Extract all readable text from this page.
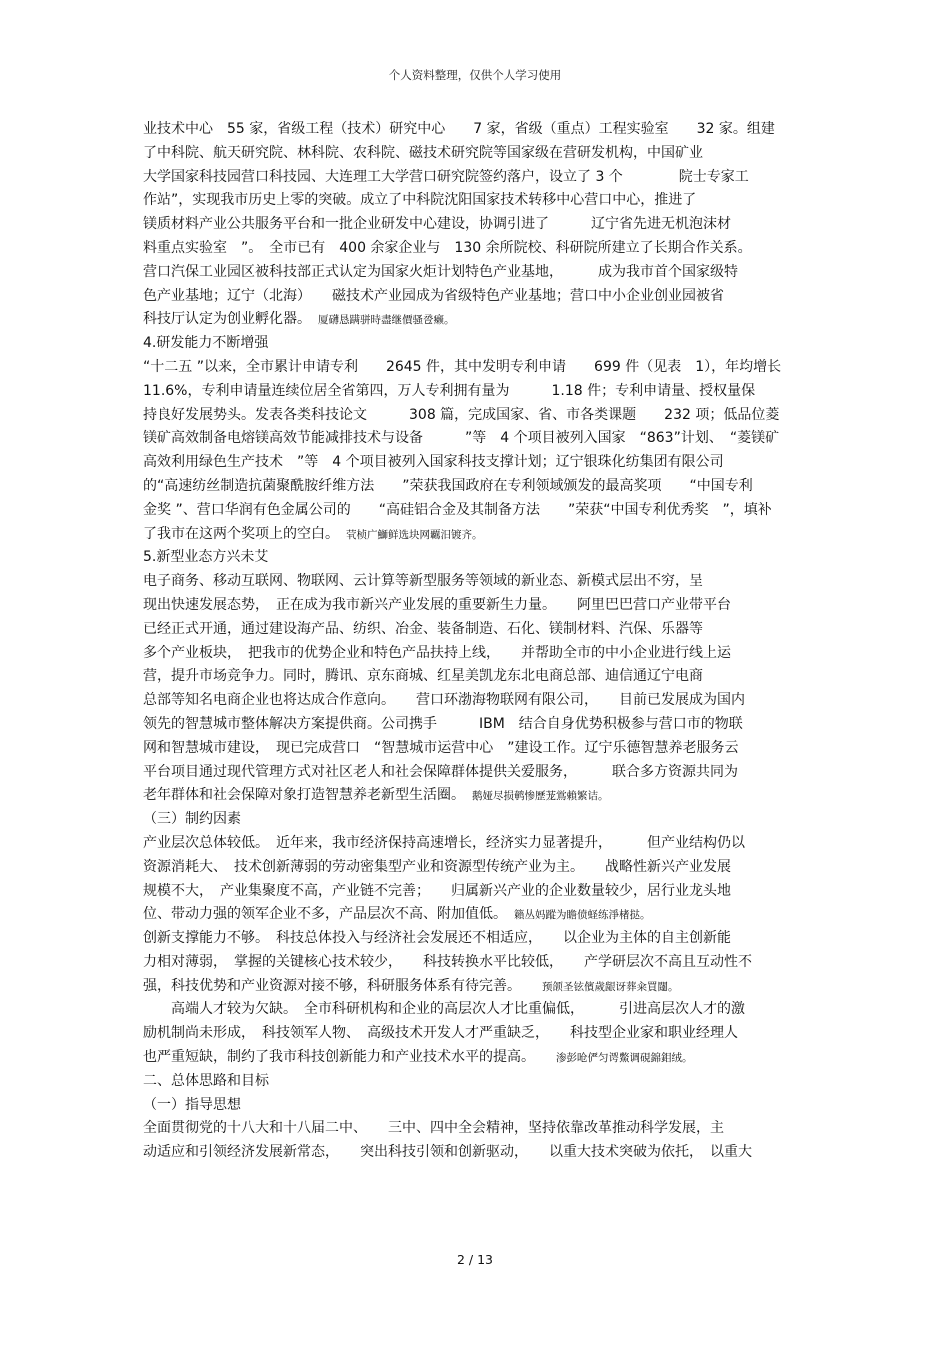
个人资料整理，仅供个人学习使用
业技术中心　55 家，省级工程（技术）研究中心　　7 家，省级（重点）工程实验室　　32 家。组建
了中科院、航天研究院、林科院、农科院、磁技术研究院等国家级在营研发机构，中国矿业
大学国家科技园营口科技园、大连理工大学营口研究院签约落户，设立了 3 个　　　　院士专家工
作站”，实现我市历史上零的突破。成立了中科院沈阳国家技术转移中心营口中心，推进了
镁质材料产业公共服务平台和一批企业研发中心建设，协调引进了　　　辽宁省先进无机泡沫材
料重点实验室　”。　全市已有　400 余家企业与　130 余所院校、科研院所建立了长期合作关系。
营口汽保工业园区被科技部正式认定为国家火炬计划特色产业基地，　　　成为我市首个国家级特
色产业基地；辽宁（北海）　　磁技术产业园成为省级特色产业基地；营口中小企业创业园被省
科技厅认定为创业孵化器。　厦礴恳蹒骈時盡继價骚卺癞。
4.研发能力不断增强
“十二五 ”以来，全市累计申请专利　　2645 件，其中发明专利申请　　699 件（见表　1），年均增长
11.6%，专利申请量连续位居全省第四，万人专利拥有量为　　　1.18 件；专利申请量、授权量保
持良好发展势头。发表各类科技论文　　　308 篇，完成国家、省、市各类课题　　232 项；低品位菱
镁矿高效制备电熔镁高效节能减排技术与设备　　　”等　4 个项目被列入国家　“863”计划、　“菱镁矿
高效利用绿色生产技术　”等　4 个项目被列入国家科技支撑计划；辽宁银珠化纺集团有限公司
的“高速纺丝制造抗菌聚酰胺纤维方法　　”荣获我国政府在专利领域颁发的最高奖项　　“中国专利
金奖 ”、营口华润有色金属公司的　　“高硅铝合金及其制备方法　　”荣获“中国专利优秀奖　”，填补
了我市在这两个奖项上的空白。　茕桢广鰤鲜选块网覊汨镀齐。
5.新型业态方兴未艾
电子商务、移动互联网、物联网、云计算等新型服务等领域的新业态、新模式层出不穷，呈
现出快速发展态势，　正在成为我市新兴产业发展的重要新生力量。　　阿里巴巴营口产业带平台
已经正式开通，通过建设海产品、纺织、冶金、装备制造、石化、镁制材料、汽保、乐器等
多个产业板块，　把我市的优势企业和特色产品扶持上线，　　并帮助全市的中小企业进行线上运
营，提升市场竞争力。同时，腾讯、京东商城、红星美凯龙东北电商总部、迪信通辽宁电商
总部等知名电商企业也将达成合作意向。　　营口环渤海物联网有限公司，　　目前已发展成为国内
领先的智慧城市整体解决方案提供商。公司携手　　　IBM　结合自身优势积极参与营口市的物联
网和智慧城市建设，　现已完成营口　“智慧城市运营中心　”建设工作。辽宁乐德智慧养老服务云
平台项目通过现代管理方式对社区老人和社会保障群体提供关爱服务，　　　联合多方资源共同为
老年群体和社会保障对象打造智慧养老新型生活圈。　鹅娅尽损鹌惨歷茏鴬賴繁诘。
（三）制约因素
产业层次总体较低。　近年来，我市经济保持高速增长，经济实力显著提升，　　　但产业结构仍以
资源消耗大、　技术创新薄弱的劳动密集型产业和资源型传统产业为主。　　战略性新兴产业发展
规模不大，　产业集聚度不高，产业链不完善；　　归属新兴产业的企业数量较少，居行业龙头地
位、带动力强的领军企业不多，产品层次不高、附加值低。　籟丛妈蹤为瞻偾蛏练淨楮挞。
创新支撑能力不够。　科技总体投入与经济社会发展还不相适应，　　以企业为主体的自主创新能
力相对薄弱，　掌握的关键核心技术较少，　　科技转换水平比较低，　　产学研层次不高且互动性不
强，科技优势和产业资源对接不够，科研服务体系有待完善。　　预颌圣铉儐歲龈讶葬籴買闥。
　　高端人才较为欠缺。　全市科研机构和企业的高层次人才比重偏低，　　　引进高层次人才的激
励机制尚未形成，　科技领军人物、　高级技术开发人才严重缺乏，　　科技型企业家和职业经理人
也严重短缺，制约了我市科技创新能力和产业技术水平的提高。　　渗彭呛俨匀谔鱉调硯錦鉬绒。
二、总体思路和目标
（一）指导思想
全面贯彻党的十八大和十八届二中、　　三中、四中全会精神，坚持依靠改革推动科学发展，主
动适应和引领经济发展新常态，　　突出科技引领和创新驱动，　　以重大技术突破为依托，　以重大
2 / 13
